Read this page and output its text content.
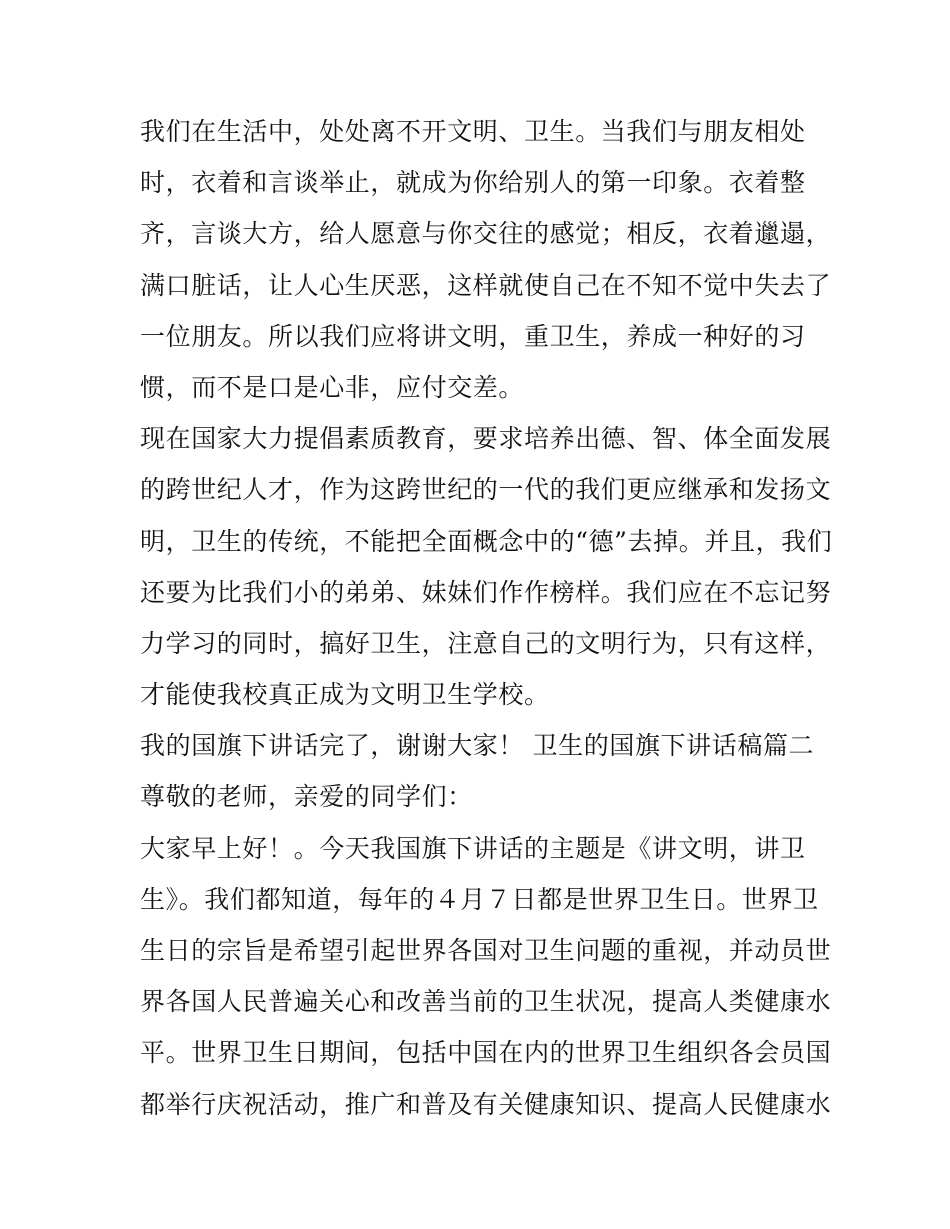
我们在生活中，处处离不开文明、卫生。当我们与朋友相处
时，衣着和言谈举止，就成为你给别人的第一印象。衣着整
齐，言谈大方，给人愿意与你交往的感觉；相反，衣着邋遢，
满口脏话，让人心生厌恶，这样就使自己在不知不觉中失去了
一位朋友。所以我们应将讲文明，重卫生，养成一种好的习
惯，而不是口是心非，应付交差。
现在国家大力提倡素质教育，要求培养出德、智、体全面发展
的跨世纪人才，作为这跨世纪的一代的我们更应继承和发扬文
明，卫生的传统，不能把全面概念中的“德”去掉。并且，我们
还要为比我们小的弟弟、妹妹们作作榜样。我们应在不忘记努
力学习的同时，搞好卫生，注意自己的文明行为，只有这样，
才能使我校真正成为文明卫生学校。
我的国旗下讲话完了，谢谢大家！ 卫生的国旗下讲话稿篇二
尊敬的老师，亲爱的同学们：
大家早上好！。今天我国旗下讲话的主题是《讲文明，讲卫
生》。我们都知道，每年的４月７日都是世界卫生日。世界卫
生日的宗旨是希望引起世界各国对卫生问题的重视，并动员世
界各国人民普遍关心和改善当前的卫生状况，提高人类健康水
平。世界卫生日期间，包括中国在内的世界卫生组织各会员国
都举行庆祝活动，推广和普及有关健康知识、提高人民健康水
